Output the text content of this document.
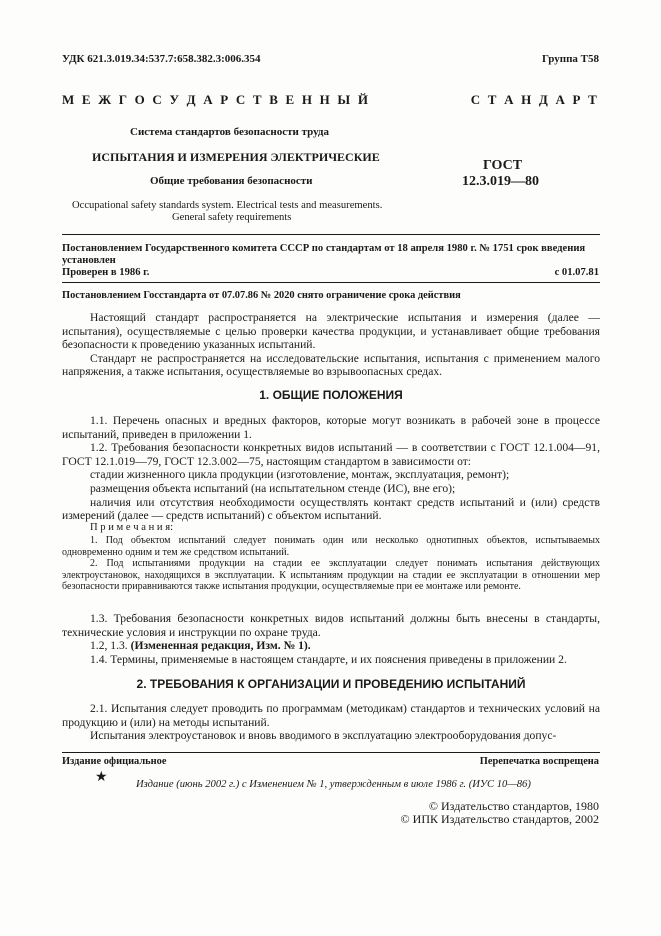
УДК 621.3.019.34:537.7:658.382.3:006.354	Группа Т58
М Е Ж Г О С У Д А Р С Т В Е Н Н Ы Й	С Т А Н Д А Р Т
Система стандартов безопасности труда
ИСПЫТАНИЯ И ИЗМЕРЕНИЯ ЭЛЕКТРИЧЕСКИЕ
Общие требования безопасности
Occupational safety standards system. Electrical tests and measurements.
General safety requirements
ГОСТ
12.3.019—80
Постановлением Государственного комитета СССР по стандартам от 18 апреля 1980 г. № 1751 срок введения установлен
Проверен в 1986 г.	с 01.07.81
Постановлением Госстандарта от 07.07.86 № 2020 снято ограничение срока действия

Настоящий стандарт распространяется на электрические испытания и измерения (далее — испытания), осуществляемые с целью проверки качества продукции, и устанавливает общие требования безопасности к проведению указанных испытаний.

Стандарт не распространяется на исследовательские испытания, испытания с применением малого напряжения, а также испытания, осуществляемые во взрывоопасных средах.

1. ОБЩИЕ ПОЛОЖЕНИЯ

1.1. Перечень опасных и вредных факторов, которые могут возникать в рабочей зоне в процессе испытаний, приведен в приложении 1.

1.2. Требования безопасности конкретных видов испытаний — в соответствии с ГОСТ 12.1.004—91, ГОСТ 12.1.019—79, ГОСТ 12.3.002—75, настоящим стандартом в зависимости от:

стадии жизненного цикла продукции (изготовление, монтаж, эксплуатация, ремонт);

размещения объекта испытаний (на испытательном стенде (ИС), вне его);

наличия или отсутствия необходимости осуществлять контакт средств испытаний и (или) средств измерений (далее — средств испытаний) с объектом испытаний.

П р и м е ч а н и я:

1. Под объектом испытаний следует понимать один или несколько однотипных объектов, испытываемых одновременно одним и тем же средством испытаний.

2. Под испытаниями продукции на стадии ее эксплуатации следует понимать испытания действующих электроустановок, находящихся в эксплуатации. К испытаниям продукции на стадии ее эксплуатации в отношении мер безопасности приравниваются также испытания продукции, осуществляемые при ее монтаже или ремонте.

1.3. Требования безопасности конкретных видов испытаний должны быть внесены в стандарты, технические условия и инструкции по охране труда.

1.2, 1.3. (Измененная редакция, Изм. № 1).

1.4. Термины, применяемые в настоящем стандарте, и их пояснения приведены в приложении 2.

2. ТРЕБОВАНИЯ К ОРГАНИЗАЦИИ И ПРОВЕДЕНИЮ ИСПЫТАНИЙ

2.1. Испытания следует проводить по программам (методикам) стандартов и технических условий на продукцию и (или) на методы испытаний.

Испытания электроустановок и вновь вводимого в эксплуатацию электрооборудования допус-

Издание официальное	Перепечатка воспрещена
★	Издание (июнь 2002 г.) с Изменением № 1, утвержденным в июле 1986 г. (ИУС 10—86)
© Издательство стандартов, 1980
© ИПК Издательство стандартов, 2002
